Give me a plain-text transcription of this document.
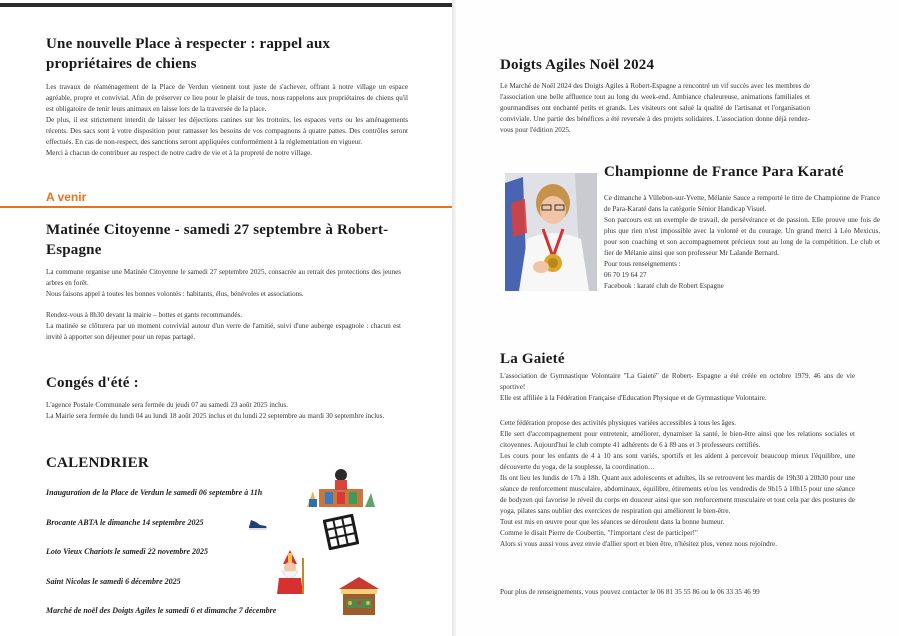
Une nouvelle Place à respecter : rappel aux propriétaires de chiens
Les travaux de réaménagement de la Place de Verdun viennent tout juste de s'achever, offrant à notre village un espace agréable, propre et convivial. Afin de préserver ce lieu pour le plaisir de tous, nous rappelons aux propriétaires de chiens qu'il est obligatoire de tenir leurs animaux en laisse lors de la traversée de la place.
De plus, il est strictement interdit de laisser les déjections canines sur les trottoirs, les espaces verts ou les aménagements récents. Des sacs sont à votre disposition pour ramasser les besoins de vos compagnons à quatre pattes. Des contrôles seront effectués. En cas de non-respect, des sanctions seront appliquées conformément à la réglementation en vigueur.
Merci à chacun de contribuer au respect de notre cadre de vie et à la propreté de notre village.
A venir
Matinée Citoyenne - samedi 27 septembre à Robert- Espagne
La commune organise une Matinée Citoyenne le samedi 27 septembre 2025, consacrée au retrait des protections des jeunes arbres en forêt.
Nous faisons appel à toutes les bonnes volontés : habitants, élus, bénévoles et associations.
Rendez-vous à 8h30 devant la mairie – bottes et gants recommandés.
La matinée se clôturera par un moment convivial autour d'un verre de l'amitié, suivi d'une auberge espagnole : chacun est invité à apporter son déjeuner pour un repas partagé.
Congés d'été :
L'agence Postale Communale sera fermée du jeudi 07 au samedi 23 août 2025 inclus.
La Mairie sera fermée du lundi 04 au lundi 18 août 2025 inclus et du lundi 22 septembre au mardi 30 septembre inclus.
CALENDRIER
Inauguration de la Place de Verdun le samedi 06 septembre à 11h
Brocante ABTA le dimanche 14 septembre 2025
Loto Vieux Chariots le samedi 22 novembre 2025
Saint Nicolas le samedi 6 décembre 2025
Marché de noël des Doigts Agiles le samedi 6 et dimanche 7 décembre
Doigts Agiles Noël 2024
Le Marché de Noël 2024 des Doigts Agiles à Robert-Espagne a rencontré un vif succès avec les membres de l'association une belle affluence tout au long du week-end. Ambiance chaleureuse, animations familiales et gourmandises ont enchanté petits et grands. Les visiteurs ont salué la qualité de l'artisanat et l'organisation conviviale. Une partie des bénéfices a été reversée à des projets solidaires. L'association donne déjà rendez-vous pour l'édition 2025.
Championne de France Para Karaté
Ce dimanche à Villebon-sur-Yvette, Mélanie Sauce a remporté le titre de Championne de France de Para-Karaté dans la catégorie Sénior Handicap Visuel.
Son parcours est un exemple de travail, de persévérance et de passion. Elle prouve une fois de plus que rien n'est impossible avec la volonté et du courage. Un grand merci à Léo Mexicus, pour son coaching et son accompagnement précieux tout au long de la compétition. Le club et fier de Mélanie ainsi que son professeur Mr Lalande Bernard.
Pour tous renseignements :
06 70 19 64 27
Facebook : karaté club de Robert Espagne
La Gaieté
L'association de Gymnastique Volontaire "La Gaieté" de Robert- Espagne a été créée en octobre 1979. 46 ans de vie sportive!
Elle est affiliée à la Fédération Française d'Education Physique et de Gymnastique Volontaire.
Cette fédération propose des activités physiques variées accessibles à tous les âges.
Elle sert d'accompagnement pour entretenir, améliorer, dynamiser la santé, le bien-être ainsi que les relations sociales et citoyennes. Aujourd'hui le club compte 41 adhérents de 6 à 89 ans et 3 professeurs certifiés.
Les cours pour les enfants de 4 à 10 ans sont variés, sportifs et les aident à percevoir beaucoup mieux l'équilibre, une découverte du yoga, de la souplesse, la coordination…
Ils ont lieu les lundis de 17h à 18h. Quant aux adolescents et adultes, ils se retrouvent les mardis de 19h30 à 20h30 pour une séance de renforcement musculaire, abdominaux, équilibre, étirements et/ou les vendredis de 9h15 à 10h15 pour une séance de bodyzen qui favorise le réveil du corps en douceur ainsi que son renforcement musculaire et tout cela par des postures de yoga, pilates sans oublier des exercices de respiration qui améliorent le bien-être.
Tout est mis en œuvre pour que les séances se déroulent dans la bonne humeur.
Comme le disait Pierre de Coubertin, "l'important c'est de participer!"
Alors si vous aussi vous avez envie d'allier sport et bien être, n'hésitez plus, venez nous rejoindre.
Pour plus de renseignements, vous pouvez contacter le 06 81 35 55 86 ou le 06 33 35 46 99
